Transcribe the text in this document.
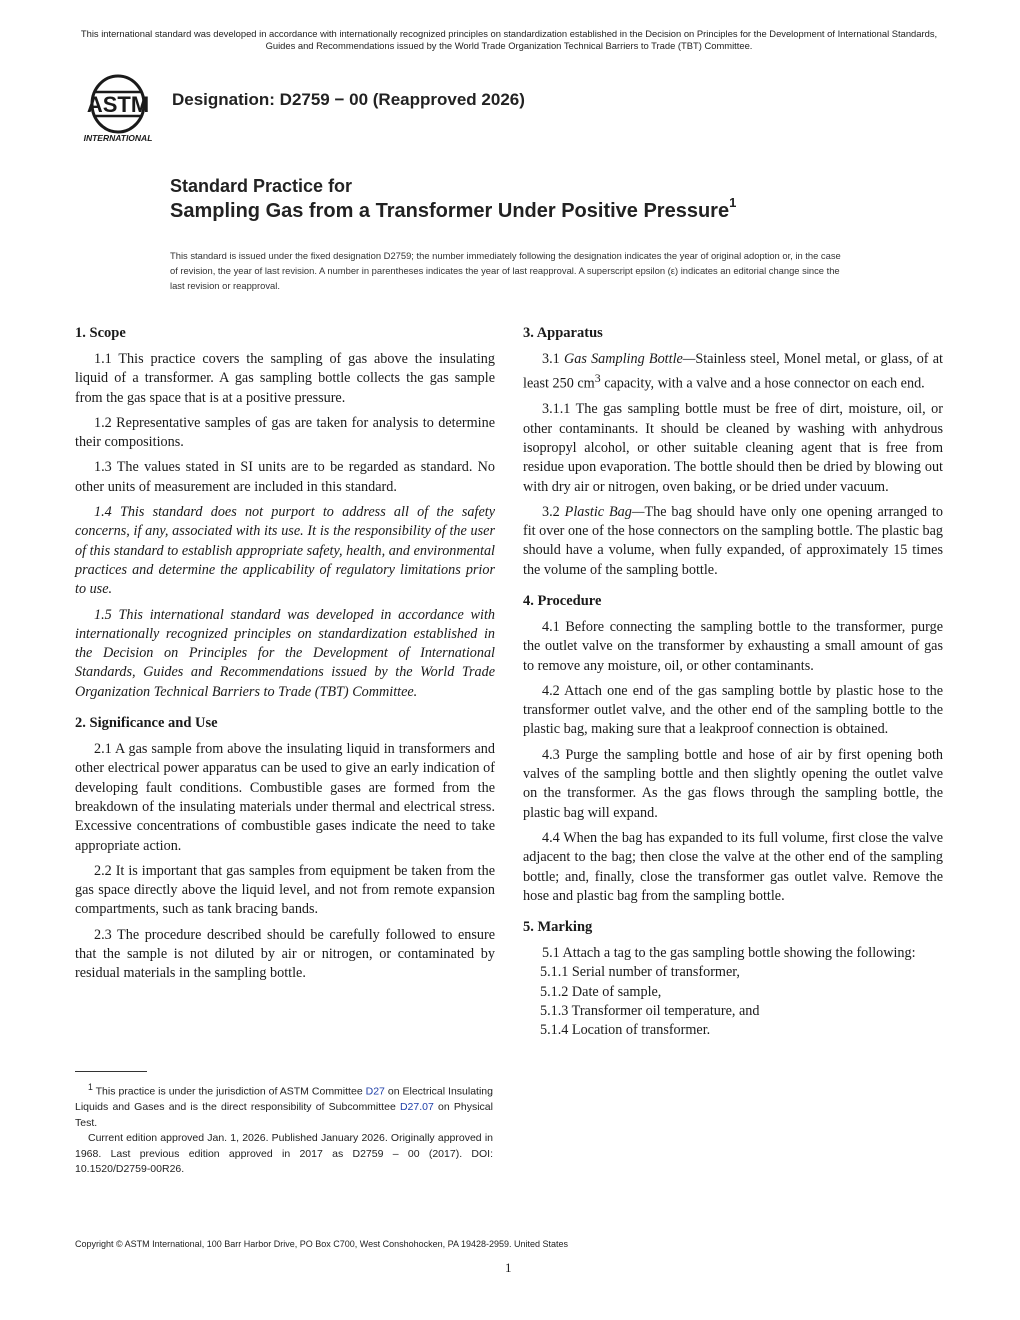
This international standard was developed in accordance with internationally recognized principles on standardization established in the Decision on Principles for the Development of International Standards, Guides and Recommendations issued by the World Trade Organization Technical Barriers to Trade (TBT) Committee.
ASTM
INTERNATIONAL
Designation: D2759 − 00 (Reapproved 2026)
Standard Practice for
Sampling Gas from a Transformer Under Positive Pressure$^1$
This standard is issued under the fixed designation D2759; the number immediately following the designation indicates the year of original adoption or, in the case of revision, the year of last revision. A number in parentheses indicates the year of last reapproval. A superscript epsilon (ε) indicates an editorial change since the last revision or reapproval.
1. Scope

1.1 This practice covers the sampling of gas above the insulating liquid of a transformer. A gas sampling bottle collects the gas sample from the gas space that is at a positive pressure.

1.2 Representative samples of gas are taken for analysis to determine their compositions.

1.3 The values stated in SI units are to be regarded as standard. No other units of measurement are included in this standard.

1.4 This standard does not purport to address all of the safety concerns, if any, associated with its use. It is the responsibility of the user of this standard to establish appropriate safety, health, and environmental practices and determine the applicability of regulatory limitations prior to use.

1.5 This international standard was developed in accordance with internationally recognized principles on standardization established in the Decision on Principles for the Development of International Standards, Guides and Recommendations issued by the World Trade Organization Technical Barriers to Trade (TBT) Committee.

2. Significance and Use

2.1 A gas sample from above the insulating liquid in transformers and other electrical power apparatus can be used to give an early indication of developing fault conditions. Combustible gases are formed from the breakdown of the insulating materials under thermal and electrical stress. Excessive concentrations of combustible gases indicate the need to take appropriate action.

2.2 It is important that gas samples from equipment be taken from the gas space directly above the liquid level, and not from remote expansion compartments, such as tank bracing bands.

2.3 The procedure described should be carefully followed to ensure that the sample is not diluted by air or nitrogen, or contaminated by residual materials in the sampling bottle.

3. Apparatus

3.1 Gas Sampling Bottle—Stainless steel, Monel metal, or glass, of at least 250 $cm^3$ capacity, with a valve and a hose connector on each end.

3.1.1 The gas sampling bottle must be free of dirt, moisture, oil, or other contaminants. It should be cleaned by washing with anhydrous isopropyl alcohol, or other suitable cleaning agent that is free from residue upon evaporation. The bottle should then be dried by blowing out with dry air or nitrogen, oven baking, or be dried under vacuum.

3.2 Plastic Bag—The bag should have only one opening arranged to fit over one of the hose connectors on the sampling bottle. The plastic bag should have a volume, when fully expanded, of approximately 15 times the volume of the sampling bottle.

4. Procedure

4.1 Before connecting the sampling bottle to the transformer, purge the outlet valve on the transformer by exhausting a small amount of gas to remove any moisture, oil, or other contaminants.

4.2 Attach one end of the gas sampling bottle by plastic hose to the transformer outlet valve, and the other end of the sampling bottle to the plastic bag, making sure that a leakproof connection is obtained.

4.3 Purge the sampling bottle and hose of air by first opening both valves of the sampling bottle and then slightly opening the outlet valve on the transformer. As the gas flows through the sampling bottle, the plastic bag will expand.

4.4 When the bag has expanded to its full volume, first close the valve adjacent to the bag; then close the valve at the other end of the sampling bottle; and, finally, close the transformer gas outlet valve. Remove the hose and plastic bag from the sampling bottle.

5. Marking

5.1 Attach a tag to the gas sampling bottle showing the following:

5.1.1 Serial number of transformer,

5.1.2 Date of sample,

5.1.3 Transformer oil temperature, and

5.1.4 Location of transformer.

$^1$ This practice is under the jurisdiction of ASTM Committee D27 on Electrical Insulating Liquids and Gases and is the direct responsibility of Subcommittee D27.07 on Physical Test.

Current edition approved Jan. 1, 2026. Published January 2026. Originally approved in 1968. Last previous edition approved in 2017 as D2759 – 00 (2017). DOI: 10.1520/D2759-00R26.

Copyright © ASTM International, 100 Barr Harbor Drive, PO Box C700, West Conshohocken, PA 19428-2959. United States
1
